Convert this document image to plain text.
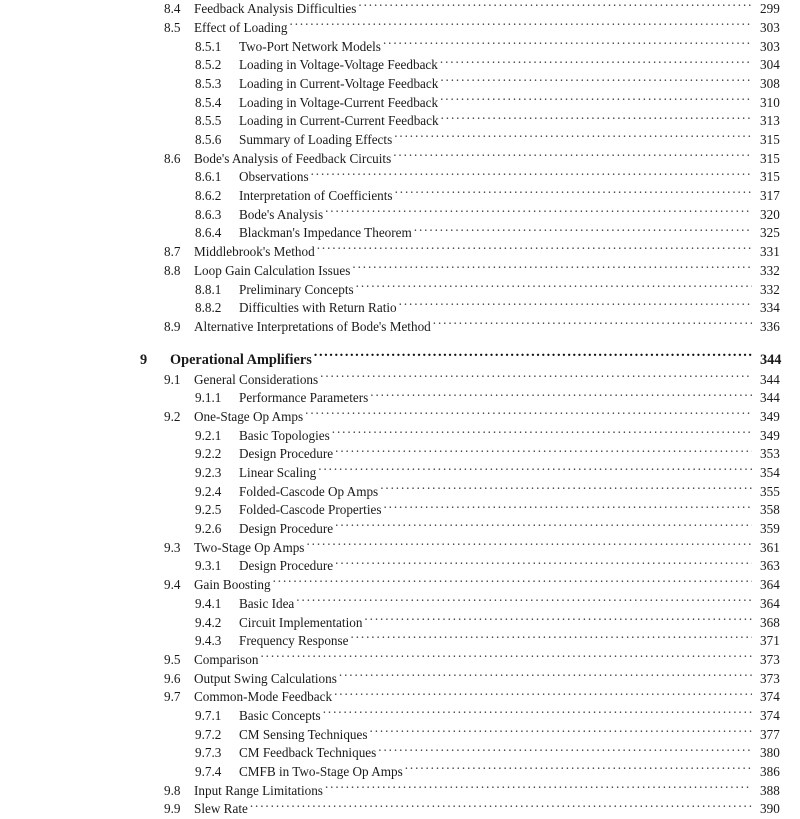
8.4	Feedback Analysis Difficulties .....	299
8.5	Effect of Loading .....	303
8.5.1	Two-Port Network Models .....	303
8.5.2	Loading in Voltage-Voltage Feedback .....	304
8.5.3	Loading in Current-Voltage Feedback .....	308
8.5.4	Loading in Voltage-Current Feedback .....	310
8.5.5	Loading in Current-Current Feedback .....	313
8.5.6	Summary of Loading Effects .....	315
8.6	Bode's Analysis of Feedback Circuits .....	315
8.6.1	Observations .....	315
8.6.2	Interpretation of Coefficients .....	317
8.6.3	Bode's Analysis .....	320
8.6.4	Blackman's Impedance Theorem .....	325
8.7	Middlebrook's Method .....	331
8.8	Loop Gain Calculation Issues .....	332
8.8.1	Preliminary Concepts .....	332
8.8.2	Difficulties with Return Ratio .....	334
8.9	Alternative Interpretations of Bode's Method .....	336
9	Operational Amplifiers .....	344
9.1	General Considerations .....	344
9.1.1	Performance Parameters .....	344
9.2	One-Stage Op Amps .....	349
9.2.1	Basic Topologies .....	349
9.2.2	Design Procedure .....	353
9.2.3	Linear Scaling .....	354
9.2.4	Folded-Cascode Op Amps .....	355
9.2.5	Folded-Cascode Properties .....	358
9.2.6	Design Procedure .....	359
9.3	Two-Stage Op Amps .....	361
9.3.1	Design Procedure .....	363
9.4	Gain Boosting .....	364
9.4.1	Basic Idea .....	364
9.4.2	Circuit Implementation .....	368
9.4.3	Frequency Response .....	371
9.5	Comparison .....	373
9.6	Output Swing Calculations .....	373
9.7	Common-Mode Feedback .....	374
9.7.1	Basic Concepts .....	374
9.7.2	CM Sensing Techniques .....	377
9.7.3	CM Feedback Techniques .....	380
9.7.4	CMFB in Two-Stage Op Amps .....	386
9.8	Input Range Limitations .....	388
9.9	Slew Rate .....	390
